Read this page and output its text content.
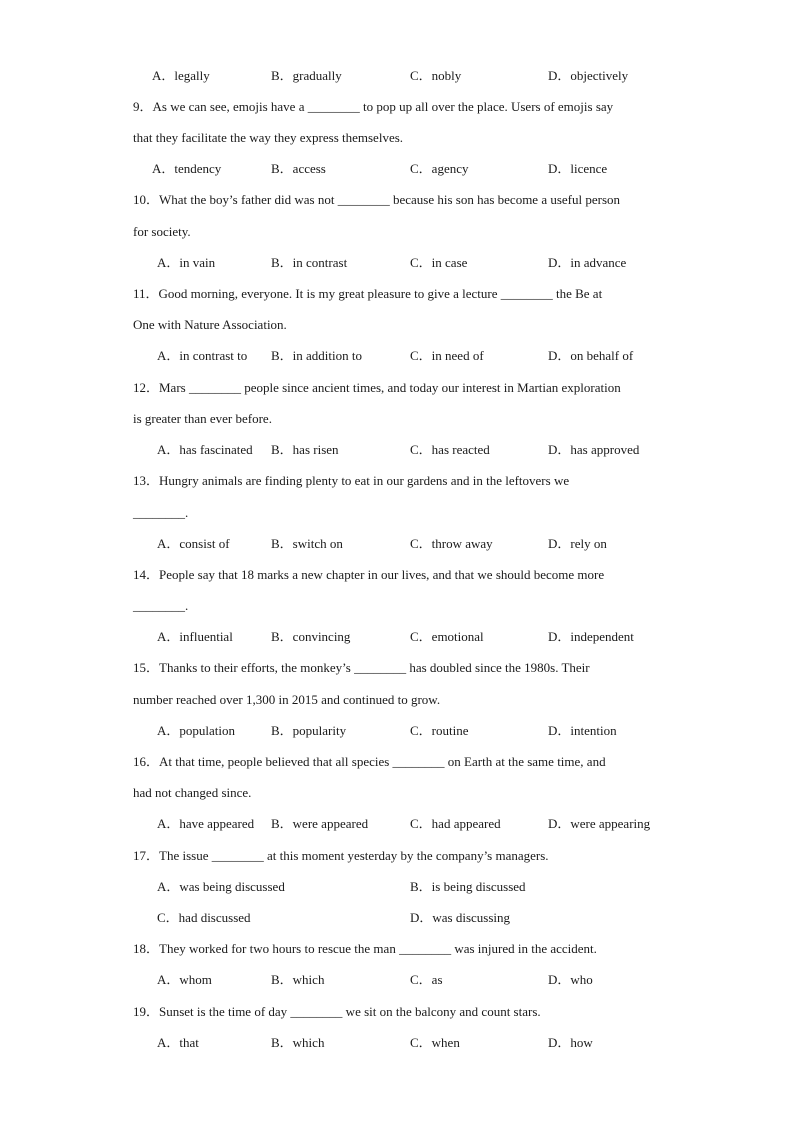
A．legally	B．gradually	C．nobly	D．objectively
9．As we can see, emojis have a ________ to pop up all over the place. Users of emojis say
that they facilitate the way they express themselves.
A．tendency	B．access	C．agency	D．licence
10．What the boy’s father did was not ________ because his son has become a useful person
for society.
A．in vain	B．in contrast	C．in case	D．in advance
11．Good morning, everyone. It is my great pleasure to give a lecture ________ the Be at
One with Nature Association.
A．in contrast to B．in addition to	C．in need of	D．on behalf of
12．Mars ________ people since ancient times, and today our interest in Martian exploration
is greater than ever before.
A．has fascinated B．has risen	C．has reacted	D．has approved
13．Hungry animals are finding plenty to eat in our gardens and in the leftovers we
________.
A．consist of	B．switch on	C．throw away	D．rely on
14．People say that 18 marks a new chapter in our lives, and that we should become more
________.
A．influential	B．convincing	C．emotional	D．independent
15．Thanks to their efforts, the monkey’s ________ has doubled since the 1980s. Their
number reached over 1,300 in 2015 and continued to grow.
A．population	B．popularity	C．routine	D．intention
16．At that time, people believed that all species ________ on Earth at the same time, and
had not changed since.
A．have appeared B．were appeared	C．had appeared	D．were appearing
17．The issue ________ at this moment yesterday by the company’s managers.
A．was being discussed	B．is being discussed
C．had discussed	D．was discussing
18．They worked for two hours to rescue the man ________ was injured in the accident.
A．whom	B．which	C．as	D．who
19．Sunset is the time of day ________ we sit on the balcony and count stars.
A．that	B．which	C．when	D．how
